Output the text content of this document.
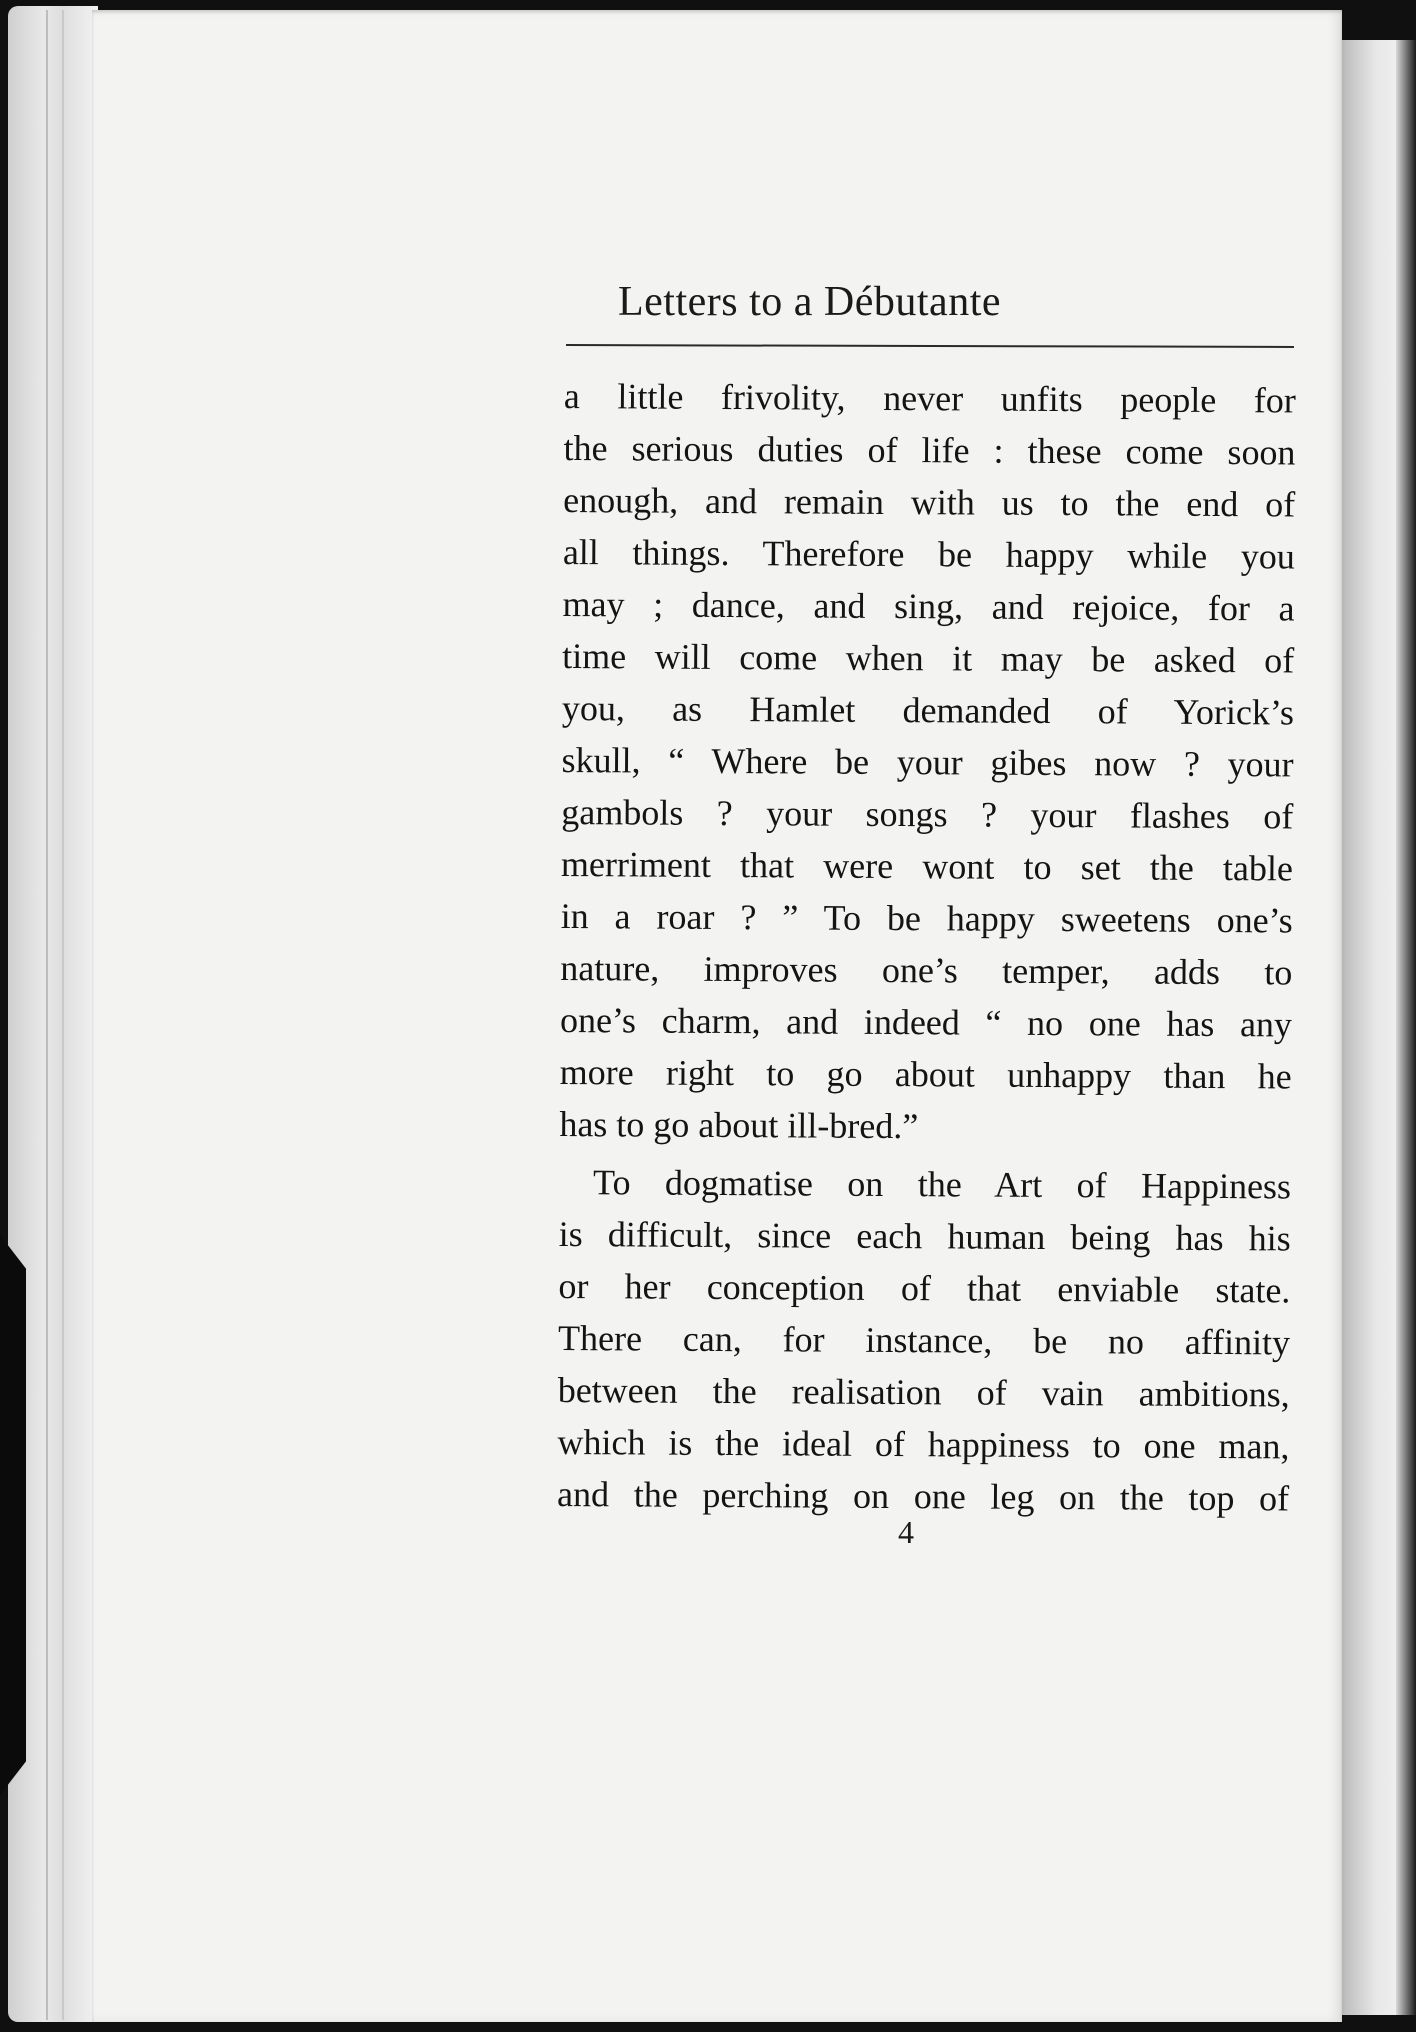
Letters to a Débutante
a little frivolity, never unfits people for
the serious duties of life : these come soon
enough, and remain with us to the end of
all things. Therefore be happy while you
may ; dance, and sing, and rejoice, for a
time will come when it may be asked of
you, as Hamlet demanded of Yorick’s
skull, “ Where be your gibes now ? your
gambols ? your songs ? your flashes of
merriment that were wont to set the table
in a roar ? ” To be happy sweetens one’s
nature, improves one’s temper, adds to
one’s charm, and indeed “ no one has any
more right to go about unhappy than he
has to go about ill-bred.”
To dogmatise on the Art of Happiness
is difficult, since each human being has his
or her conception of that enviable state.
There can, for instance, be no affinity
between the realisation of vain ambitions,
which is the ideal of happiness to one man,
and the perching on one leg on the top of
4
